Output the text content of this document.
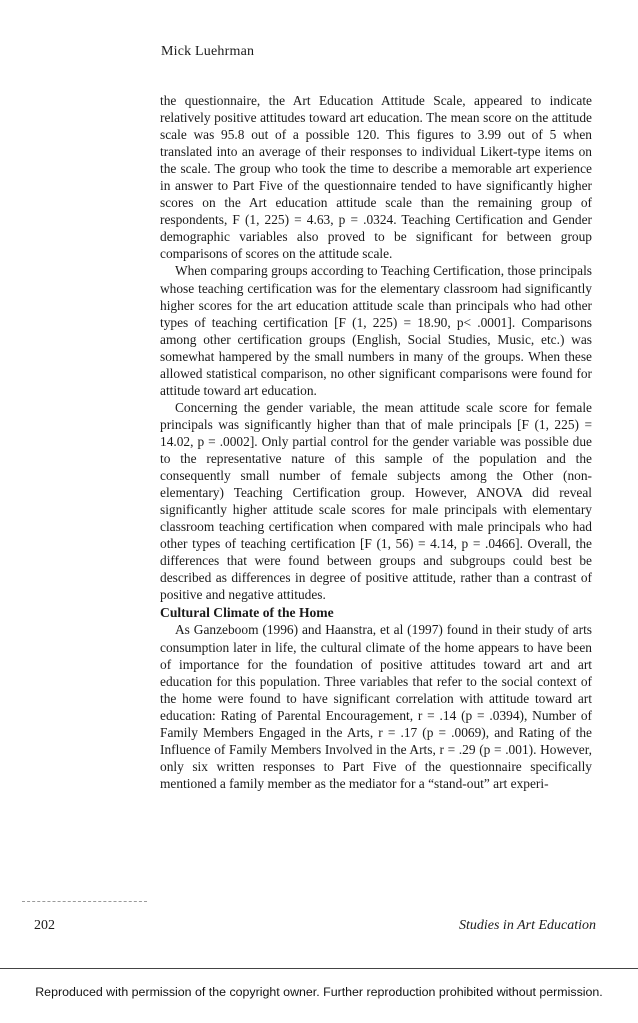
Mick Luehrman

the questionnaire, the Art Education Attitude Scale, appeared to indicate relatively positive attitudes toward art education. The mean score on the attitude scale was 95.8 out of a possible 120. This figures to 3.99 out of 5 when translated into an average of their responses to individual Likert-type items on the scale. The group who took the time to describe a memorable art experience in answer to Part Five of the questionnaire tended to have significantly higher scores on the Art education attitude scale than the remaining group of respondents, F (1, 225) = 4.63, p = .0324. Teaching Certification and Gender demographic variables also proved to be significant for between group comparisons of scores on the attitude scale.

When comparing groups according to Teaching Certification, those principals whose teaching certification was for the elementary classroom had significantly higher scores for the art education attitude scale than principals who had other types of teaching certification [F (1, 225) = 18.90, p< .0001]. Comparisons among other certification groups (English, Social Studies, Music, etc.) was somewhat hampered by the small numbers in many of the groups. When these allowed statistical comparison, no other significant comparisons were found for attitude toward art education.

Concerning the gender variable, the mean attitude scale score for female principals was significantly higher than that of male principals [F (1, 225) = 14.02, p = .0002]. Only partial control for the gender variable was possible due to the representative nature of this sample of the population and the consequently small number of female subjects among the Other (non-elementary) Teaching Certification group. However, ANOVA did reveal significantly higher attitude scale scores for male principals with elementary classroom teaching certification when compared with male principals who had other types of teaching certification [F (1, 56) = 4.14, p = .0466]. Overall, the differences that were found between groups and subgroups could best be described as differences in degree of positive attitude, rather than a contrast of positive and negative attitudes.

Cultural Climate of the Home

As Ganzeboom (1996) and Haanstra, et al (1997) found in their study of arts consumption later in life, the cultural climate of the home appears to have been of importance for the foundation of positive attitudes toward art and art education for this population. Three variables that refer to the social context of the home were found to have significant correlation with attitude toward art education: Rating of Parental Encouragement, r = .14 (p = .0394), Number of Family Members Engaged in the Arts, r = .17 (p = .0069), and Rating of the Influence of Family Members Involved in the Arts, r = .29 (p = .001). However, only six written responses to Part Five of the questionnaire specifically mentioned a family member as the mediator for a “stand-out” art experi-

202	Studies in Art Education
Reproduced with permission of the copyright owner. Further reproduction prohibited without permission.
